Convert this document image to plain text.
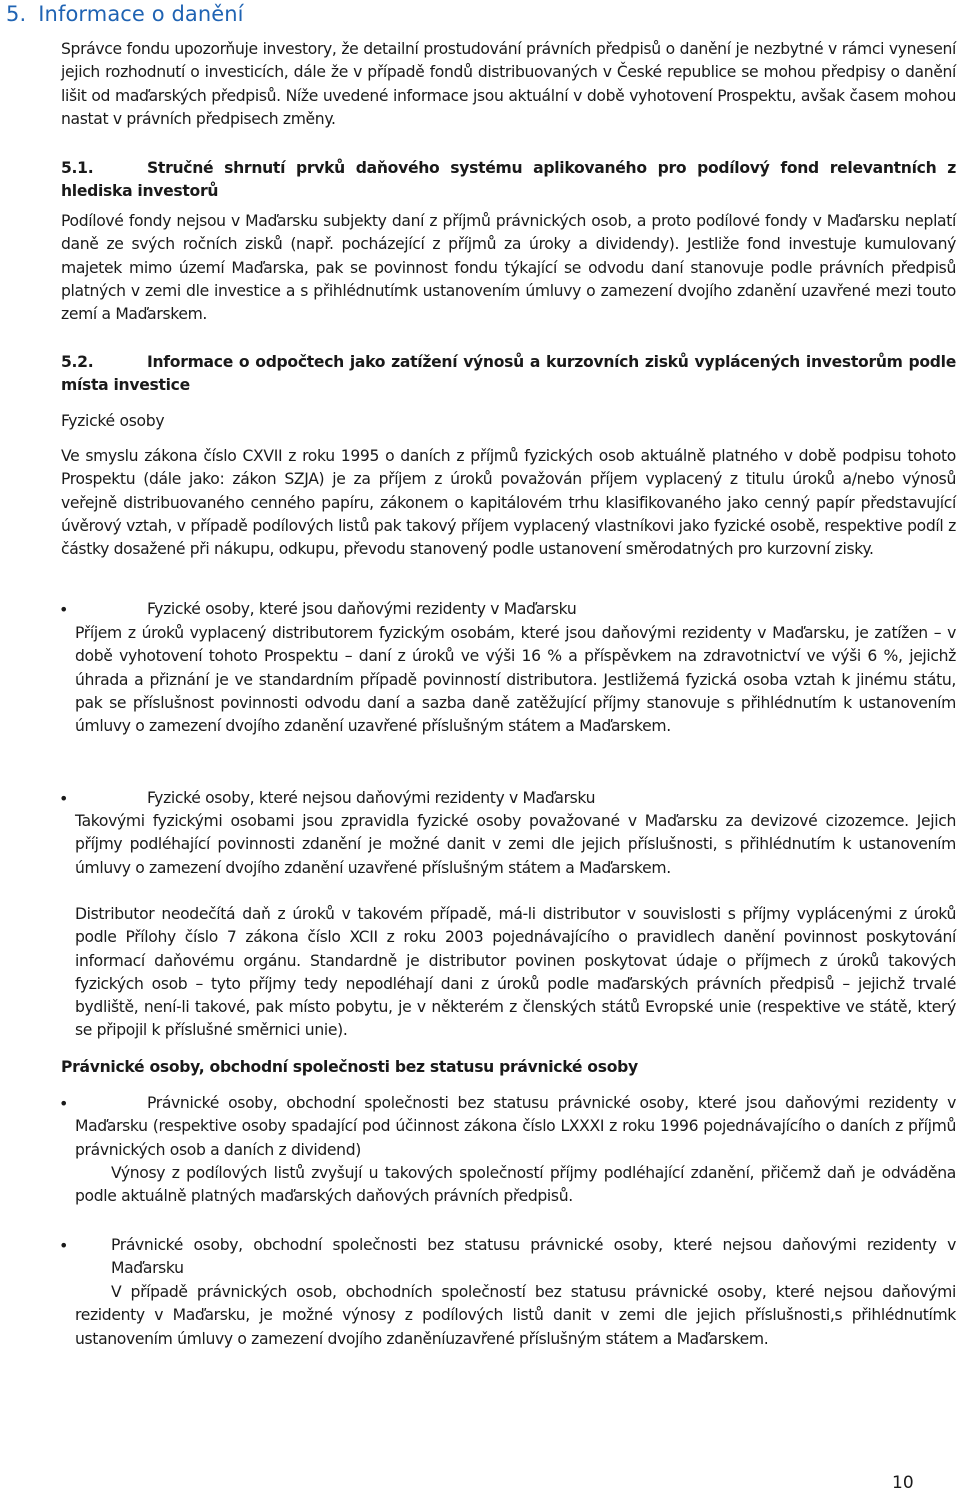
5. Informace o danění
Správce fondu upozorňuje investory, že detailní prostudování právních předpisů o danění je nezbytné v rámci vynesení jejich rozhodnutí o investicích, dále že v případě fondů distribuovaných v České republice se mohou předpisy o danění lišit od maďarských předpisů. Níže uvedené informace jsou aktuální v době vyhotovení Prospektu, avšak časem mohou nastat v právních předpisech změny.
5.1.	Stručné shrnutí prvků daňového systému aplikovaného pro podílový fond relevantních z hlediska investorů
Podílové fondy nejsou v Maďarsku subjekty daní z příjmů právnických osob, a proto podílové fondy v Maďarsku neplatí daně ze svých ročních zisků (např. pocházející z příjmů za úroky a dividendy). Jestliže fond investuje kumulovaný majetek mimo území Maďarska, pak se povinnost fondu týkající se odvodu daní stanovuje podle právních předpisů platných v zemi dle investice a s přihlédnutímk ustanovením úmluvy o zamezení dvojího zdanění uzavřené mezi touto zemí a Maďarskem.
5.2.	Informace o odpočtech jako zatížení výnosů a kurzovních zisků vyplácených investorům podle místa investice
Fyzické osoby
Ve smyslu zákona číslo CXVII z roku 1995 o daních z příjmů fyzických osob aktuálně platného v době podpisu tohoto Prospektu (dále jako: zákon SZJA) je za příjem z úroků považován příjem vyplacený z titulu úroků a/nebo výnosů veřejně distribuovaného cenného papíru, zákonem o kapitálovém trhu klasifikovaného jako cenný papír představující úvěrový vztah, v případě podílových listů pak takový příjem vyplacený vlastníkovi jako fyzické osobě, respektive podíl z částky dosažené při nákupu, odkupu, převodu stanovený podle ustanovení směrodatných pro kurzovní zisky.
•	Fyzické osoby, které jsou daňovými rezidenty v Maďarsku
Příjem z úroků vyplacený distributorem fyzickým osobám, které jsou daňovými rezidenty v Maďarsku, je zatížen – v době vyhotovení tohoto Prospektu – daní z úroků ve výši 16 % a příspěvkem na zdravotnictví ve výši 6 %, jejichž úhrada a přiznání je ve standardním případě povinností distributora. Jestližemá fyzická osoba vztah k jinému státu, pak se příslušnost povinnosti odvodu daní a sazba daně zatěžující příjmy stanovuje s přihlédnutím k ustanovením úmluvy o zamezení dvojího zdanění uzavřené příslušným státem a Maďarskem.
•	Fyzické osoby, které nejsou daňovými rezidenty v Maďarsku
Takovými fyzickými osobami jsou zpravidla fyzické osoby považované v Maďarsku za devizové cizozemce. Jejich příjmy podléhající povinnosti zdanění je možné danit v zemi dle jejich příslušnosti, s přihlédnutím k ustanovením úmluvy o zamezení dvojího zdanění uzavřené příslušným státem a Maďarskem.
Distributor neodečítá daň z úroků v takovém případě, má-li distributor v souvislosti s příjmy vyplácenými z úroků podle Přílohy číslo 7 zákona číslo XCII z roku 2003 pojednávajícího o pravidlech danění povinnost poskytování informací daňovému orgánu. Standardně je distributor povinen poskytovat údaje o příjmech z úroků takových fyzických osob – tyto příjmy tedy nepodléhají dani z úroků podle maďarských právních předpisů – jejichž trvalé bydliště, není-li takové, pak místo pobytu, je v některém z členských států Evropské unie (respektive ve státě, který se připojil k příslušné směrnici unie).
Právnické osoby, obchodní společnosti bez statusu právnické osoby
•	Právnické osoby, obchodní společnosti bez statusu právnické osoby, které jsou daňovými rezidenty v Maďarsku (respektive osoby spadající pod účinnost zákona číslo LXXXI z roku 1996 pojednávajícího o daních z příjmů právnických osob a daních z dividend)
Výnosy z podílových listů zvyšují u takových společností příjmy podléhající zdanění, přičemž daň je odváděna podle aktuálně platných maďarských daňových právních předpisů.
•	Právnické osoby, obchodní společnosti bez statusu právnické osoby, které nejsou daňovými rezidenty v Maďarsku
V případě právnických osob, obchodních společností bez statusu právnické osoby, které nejsou daňovými rezidenty v Maďarsku, je možné výnosy z podílových listů danit v zemi dle jejich příslušnosti,s přihlédnutímk ustanovením úmluvy o zamezení dvojího zdaněníuzavřené příslušným státem a Maďarskem.
10
